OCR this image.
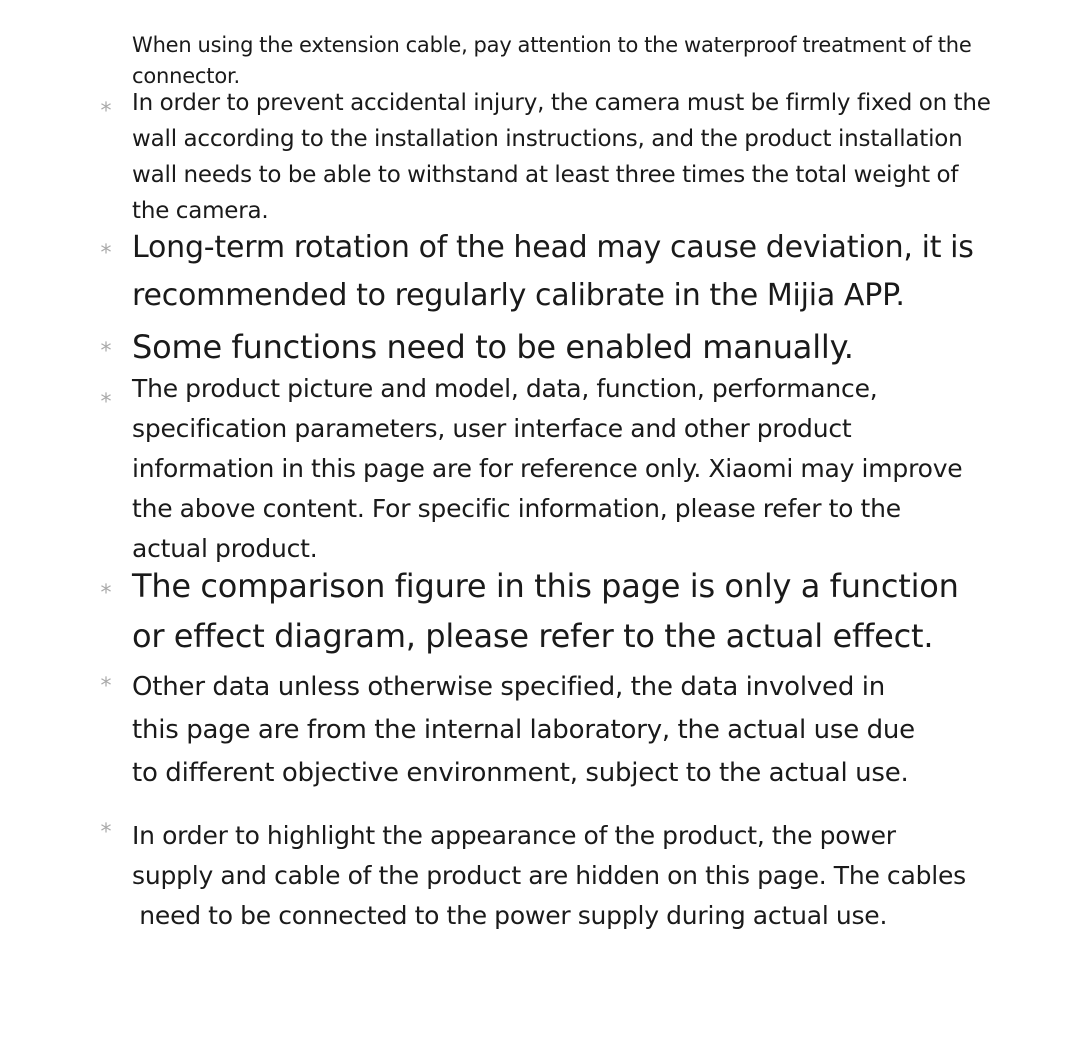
When using the extension cable, pay attention to the waterproof treatment of the
connector.

* In order to prevent accidental injury, the camera must be firmly fixed on the
wall according to the installation instructions, and the product installation
wall needs to be able to withstand at least three times the total weight of
the camera.

* Long-term rotation of the head may cause deviation, it is
recommended to regularly calibrate in the Mijia APP.

* Some functions need to be enabled manually.

* The product picture and model, data, function, performance,
specification parameters, user interface and other product
information in this page are for reference only. Xiaomi may improve
the above content. For specific information, please refer to the
actual product.

* The comparison figure in this page is only a function
or effect diagram, please refer to the actual effect.

* Other data unless otherwise specified, the data involved in
this page are from the internal laboratory, the actual use due
to different objective environment, subject to the actual use.

* In order to highlight the appearance of the product, the power
supply and cable of the product are hidden on this page. The cables
need to be connected to the power supply during actual use.
